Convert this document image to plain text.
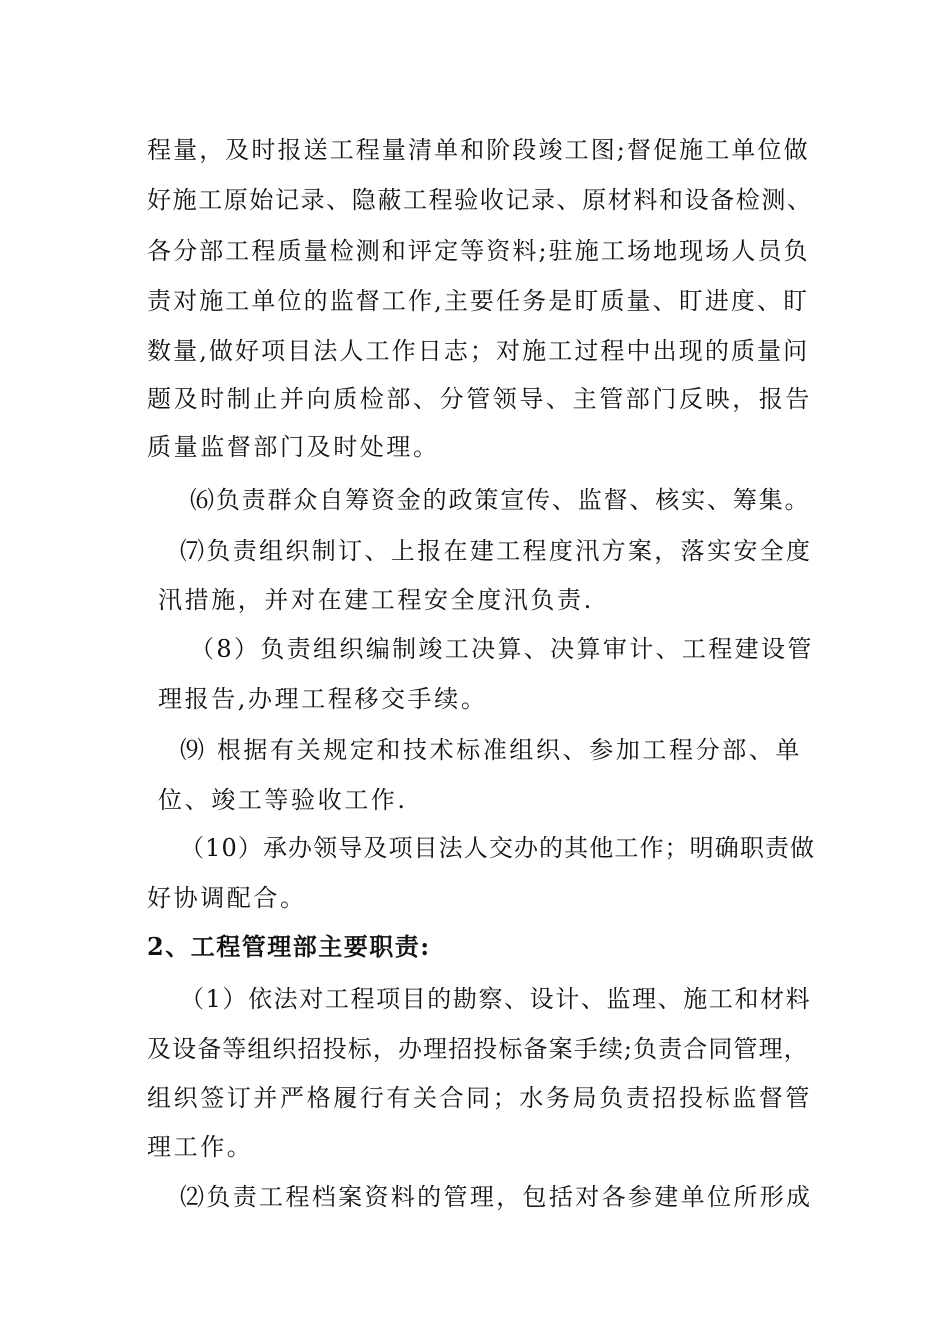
程量，及时报送工程量清单和阶段竣工图;督促施工单位做
好施工原始记录、隐蔽工程验收记录、原材料和设备检测、
各分部工程质量检测和评定等资料;驻施工场地现场人员负
责对施工单位的监督工作,主要任务是盯质量、盯进度、盯
数量,做好项目法人工作日志；对施工过程中出现的质量问
题及时制止并向质检部、分管领导、主管部门反映，报告
质量监督部门及时处理。
⑹负责群众自筹资金的政策宣传、监督、核实、筹集。
⑺负责组织制订、上报在建工程度汛方案，落实安全度
汛措施，并对在建工程安全度汛负责.
（8）负责组织编制竣工决算、决算审计、工程建设管
理报告,办理工程移交手续。
⑼ 根据有关规定和技术标准组织、参加工程分部、单
位、竣工等验收工作.
（10）承办领导及项目法人交办的其他工作；明确职责做
好协调配合。
2、工程管理部主要职责:
（1）依法对工程项目的勘察、设计、监理、施工和材料
及设备等组织招投标，办理招投标备案手续;负责合同管理，
组织签订并严格履行有关合同；水务局负责招投标监督管
理工作。
⑵负责工程档案资料的管理，包括对各参建单位所形成
